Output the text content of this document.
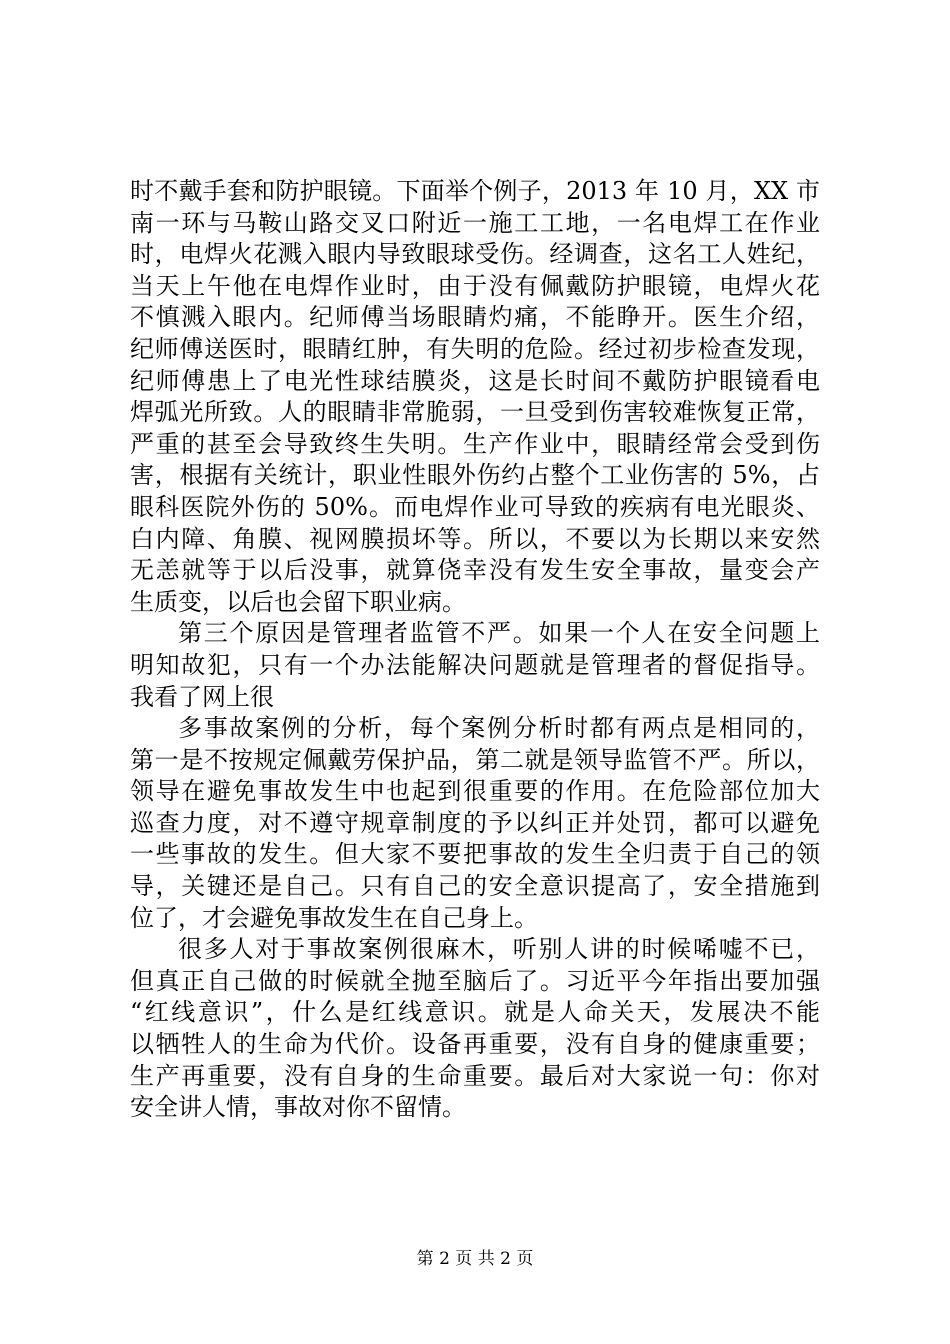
时不戴手套和防护眼镜。下面举个例子，2013 年 10 月，XX 市
南一环与马鞍山路交叉口附近一施工工地，一名电焊工在作业
时，电焊火花溅入眼内导致眼球受伤。经调查，这名工人姓纪，
当天上午他在电焊作业时，由于没有佩戴防护眼镜，电焊火花
不慎溅入眼内。纪师傅当场眼睛灼痛，不能睁开。医生介绍，
纪师傅送医时，眼睛红肿，有失明的危险。经过初步检查发现，
纪师傅患上了电光性球结膜炎，这是长时间不戴防护眼镜看电
焊弧光所致。人的眼睛非常脆弱，一旦受到伤害较难恢复正常，
严重的甚至会导致终生失明。生产作业中，眼睛经常会受到伤
害，根据有关统计，职业性眼外伤约占整个工业伤害的 5%，占
眼科医院外伤的 50%。而电焊作业可导致的疾病有电光眼炎、
白内障、角膜、视网膜损坏等。所以，不要以为长期以来安然
无恙就等于以后没事，就算侥幸没有发生安全事故，量变会产
生质变，以后也会留下职业病。
第三个原因是管理者监管不严。如果一个人在安全问题上
明知故犯，只有一个办法能解决问题就是管理者的督促指导。
我看了网上很
多事故案例的分析，每个案例分析时都有两点是相同的，
第一是不按规定佩戴劳保护品，第二就是领导监管不严。所以，
领导在避免事故发生中也起到很重要的作用。在危险部位加大
巡查力度，对不遵守规章制度的予以纠正并处罚，都可以避免
一些事故的发生。但大家不要把事故的发生全归责于自己的领
导，关键还是自己。只有自己的安全意识提高了，安全措施到
位了，才会避免事故发生在自己身上。
很多人对于事故案例很麻木，听别人讲的时候唏嘘不已，
但真正自己做的时候就全抛至脑后了。习近平今年指出要加强
“红线意识”，什么是红线意识。就是人命关天，发展决不能
以牺牲人的生命为代价。设备再重要，没有自身的健康重要；
生产再重要，没有自身的生命重要。最后对大家说一句：你对
安全讲人情，事故对你不留情。
第 2 页 共 2 页
